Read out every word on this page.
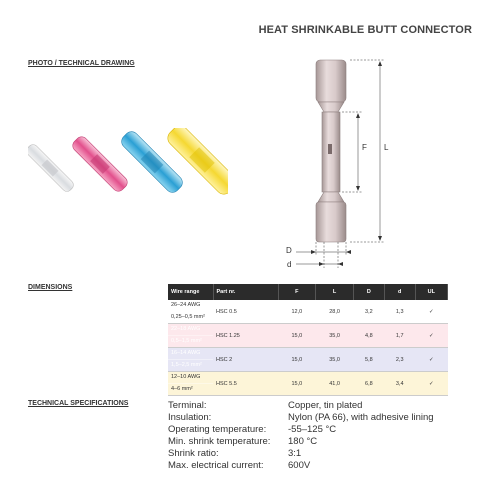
HEAT SHRINKABLE BUTT CONNECTOR
PHOTO / TECHNICAL DRAWING
F L
D
d
DIMENSIONS
Wire range	Part nr.	F	L	D	d	UL

26–24 AWG
0,25–0,5 mm²	HSC 0.5	12,0	28,0	3,2	1,3	✓

22–18 AWG
0,5–1,5 mm²	HSC 1.25	15,0	35,0	4,8	1,7	✓

16–14 AWG
1,5–2,5 mm²	HSC 2	15,0	35,0	5,8	2,3	✓

12–10 AWG
4–6 mm²	HSC 5.5	15,0	41,0	6,8	3,4	✓
TECHNICAL SPECIFICATIONS	Terminal:	Copper, tin plated
Insulation:	Nylon (PA 66), with adhesive lining
Operating temperature:	-55–125 °C
Min. shrink temperature:	180 °C
Shrink ratio:	3:1
Max. electrical current:	600V
